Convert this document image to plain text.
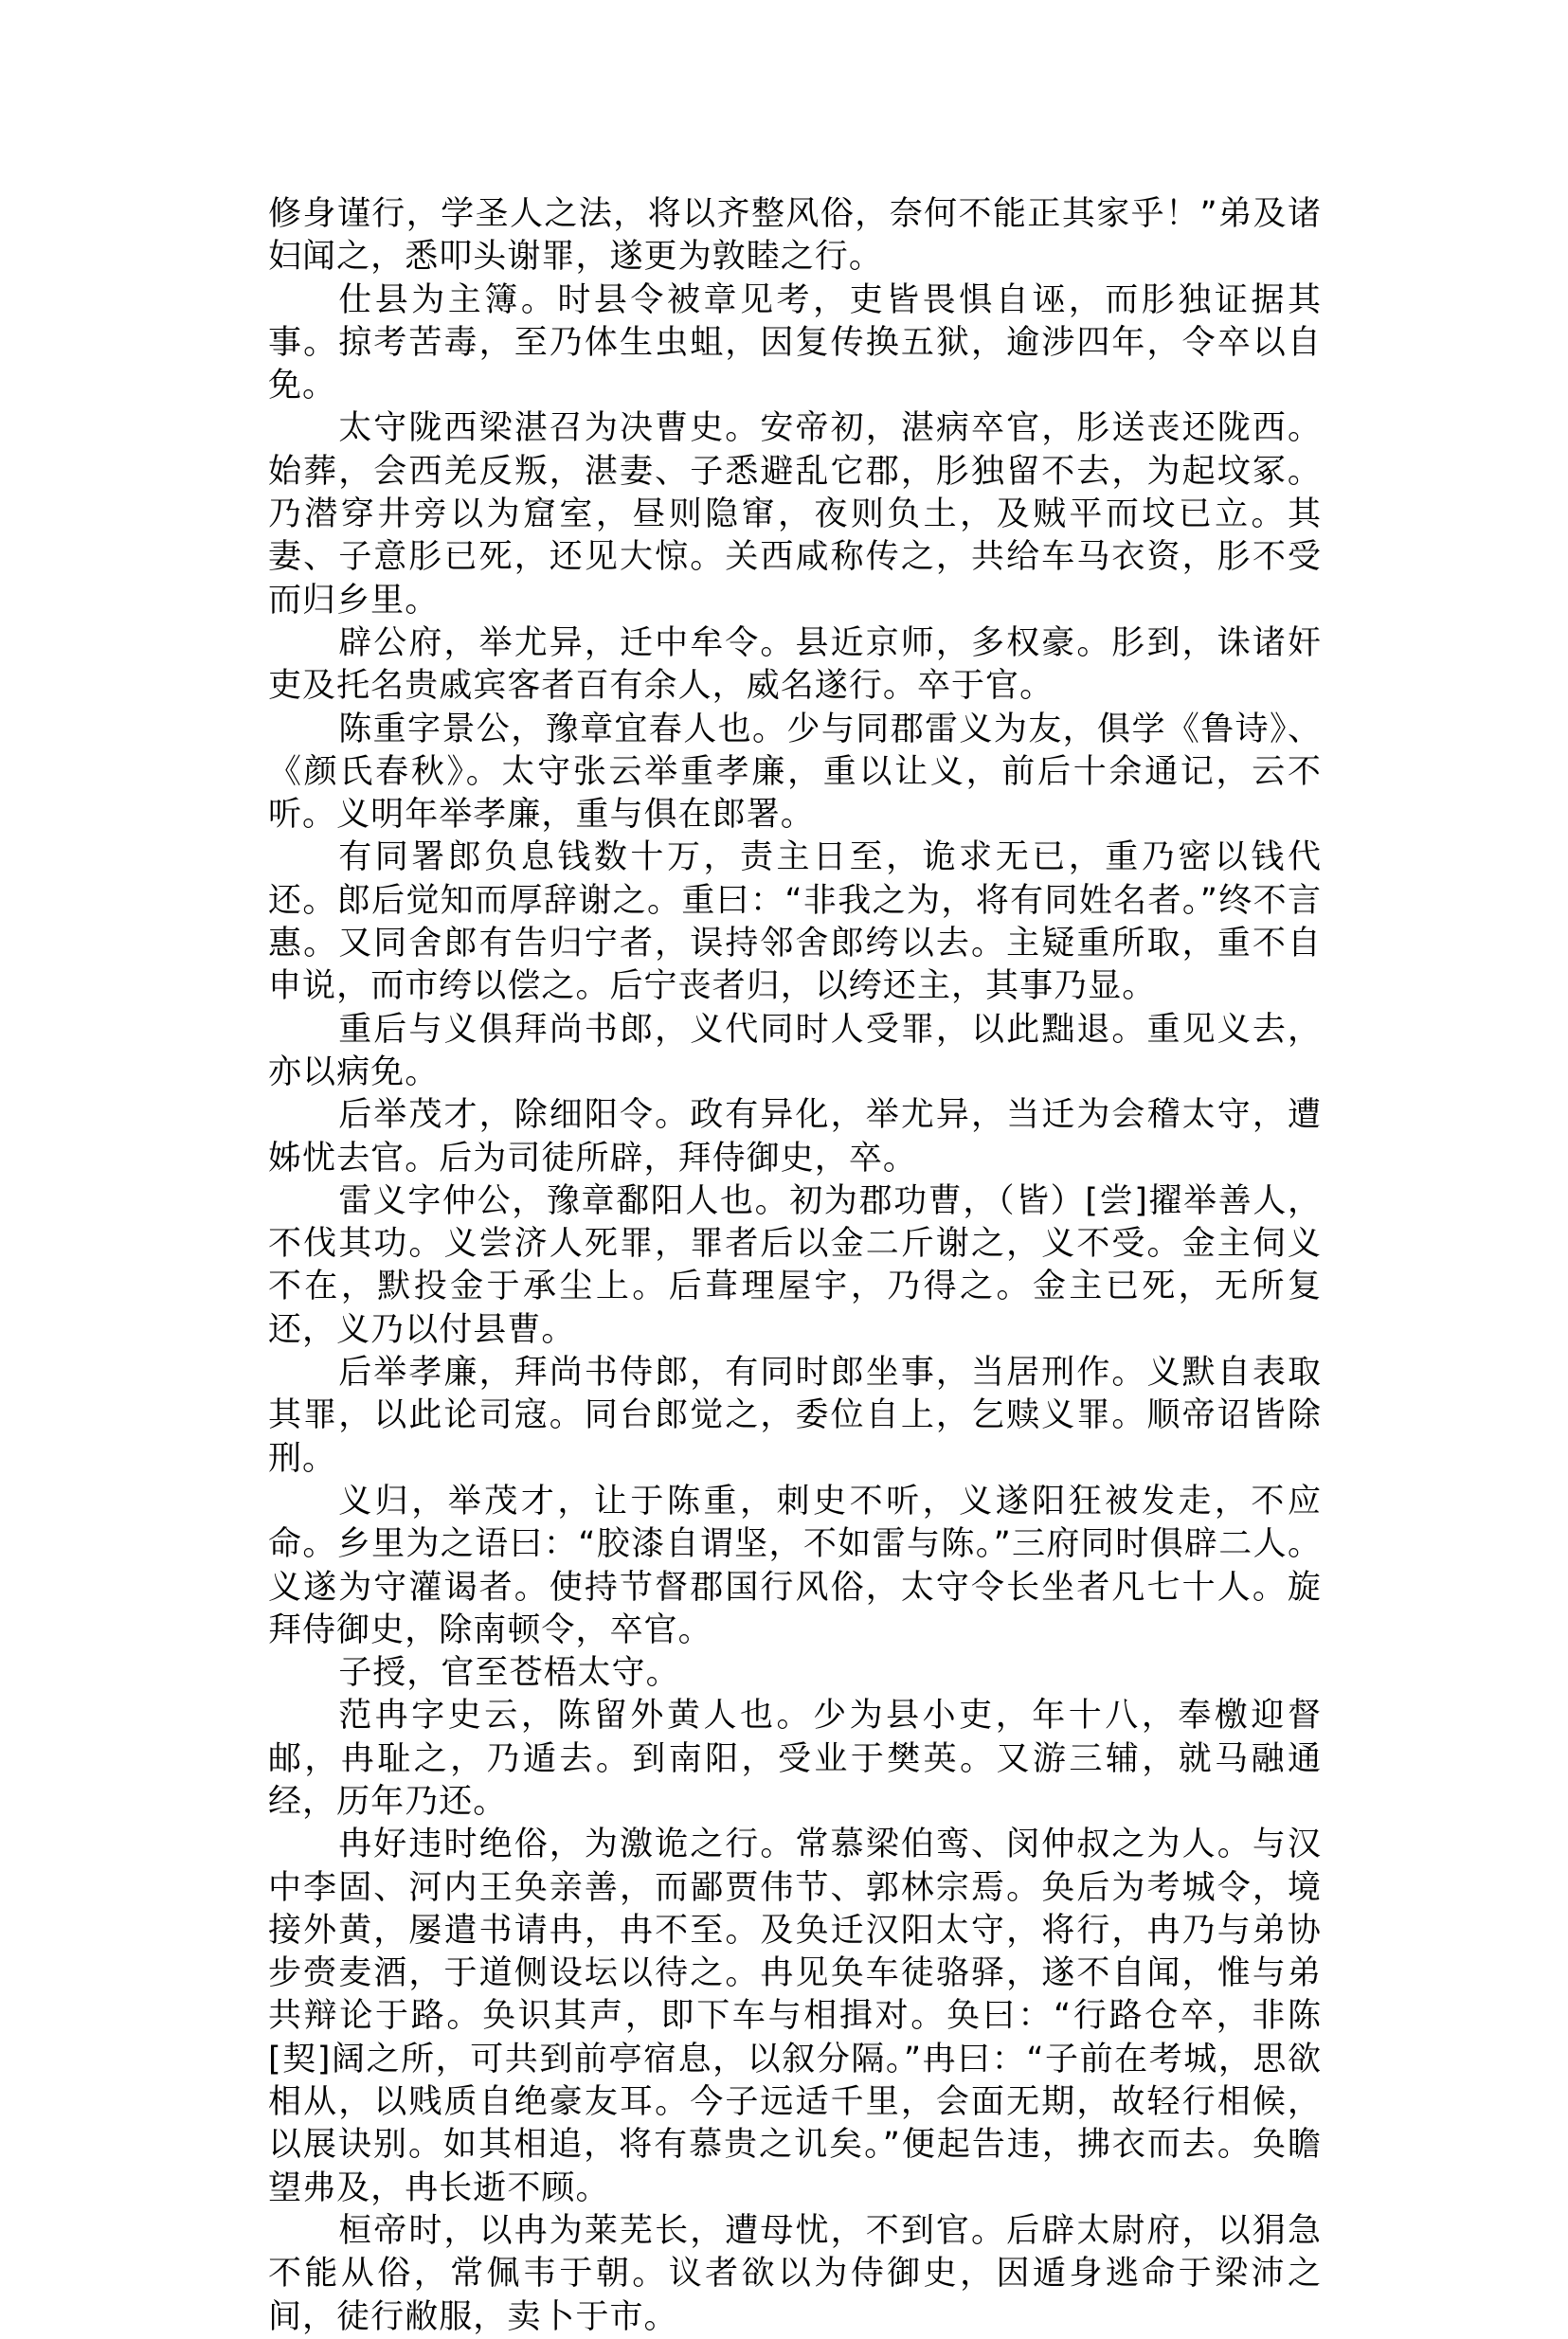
修身谨行，学圣人之法，将以齐整风俗，奈何不能正其家乎！”弟及诸妇闻之，悉叩头谢罪，遂更为敦睦之行。

仕县为主簿。时县令被章见考，吏皆畏惧自诬，而肜独证据其事。掠考苦毒，至乃体生虫蛆，因复传换五狱，逾涉四年，令卒以自免。

太守陇西梁湛召为决曹史。安帝初，湛病卒官，肜送丧还陇西。始葬，会西羌反叛，湛妻、子悉避乱它郡，肜独留不去，为起坟冢。乃潜穿井旁以为窟室，昼则隐窜，夜则负土，及贼平而坟已立。其妻、子意肜已死，还见大惊。关西咸称传之，共给车马衣资，肜不受而归乡里。

辟公府，举尤异，迁中牟令。县近京师，多权豪。肜到，诛诸奸吏及托名贵戚宾客者百有余人，威名遂行。卒于官。

陈重字景公，豫章宜春人也。少与同郡雷义为友，俱学《鲁诗》、《颜氏春秋》。太守张云举重孝廉，重以让义，前后十余通记，云不听。义明年举孝廉，重与俱在郎署。

有同署郎负息钱数十万，责主日至，诡求无已，重乃密以钱代还。郎后觉知而厚辞谢之。重曰：“非我之为，将有同姓名者。”终不言惠。又同舍郎有告归宁者，误持邻舍郎绔以去。主疑重所取，重不自申说，而市绔以偿之。后宁丧者归，以绔还主，其事乃显。

重后与义俱拜尚书郎，义代同时人受罪，以此黜退。重见义去，亦以病免。

后举茂才，除细阳令。政有异化，举尤异，当迁为会稽太守，遭姊忧去官。后为司徒所辟，拜侍御史，卒。

雷义字仲公，豫章鄱阳人也。初为郡功曹，（皆）[尝]擢举善人，不伐其功。义尝济人死罪，罪者后以金二斤谢之，义不受。金主伺义不在，默投金于承尘上。后葺理屋宇，乃得之。金主已死，无所复还，义乃以付县曹。

后举孝廉，拜尚书侍郎，有同时郎坐事，当居刑作。义默自表取其罪，以此论司寇。同台郎觉之，委位自上，乞赎义罪。顺帝诏皆除刑。

义归，举茂才，让于陈重，刺史不听，义遂阳狂被发走，不应命。乡里为之语曰：“胶漆自谓坚，不如雷与陈。”三府同时俱辟二人。义遂为守灌谒者。使持节督郡国行风俗，太守令长坐者凡七十人。旋拜侍御史，除南顿令，卒官。

子授，官至苍梧太守。

范冉字史云，陈留外黄人也。少为县小吏，年十八，奉檄迎督邮，冉耻之，乃遁去。到南阳，受业于樊英。又游三辅，就马融通经，历年乃还。

冉好违时绝俗，为激诡之行。常慕梁伯鸾、闵仲叔之为人。与汉中李固、河内王奂亲善，而鄙贾伟节、郭林宗焉。奂后为考城令，境接外黄，屡遣书请冉，冉不至。及奂迁汉阳太守，将行，冉乃与弟协步赍麦酒，于道侧设坛以待之。冉见奂车徒骆驿，遂不自闻，惟与弟共辩论于路。奂识其声，即下车与相揖对。奂曰：“行路仓卒，非陈[契]阔之所，可共到前亭宿息，以叙分隔。”冉曰：“子前在考城，思欲相从，以贱质自绝豪友耳。今子远适千里，会面无期，故轻行相候，以展诀别。如其相追，将有慕贵之讥矣。”便起告违，拂衣而去。奂瞻望弗及，冉长逝不顾。

桓帝时，以冉为莱芜长，遭母忧，不到官。后辟太尉府，以狷急不能从俗，常佩韦于朝。议者欲以为侍御史，因遁身逃命于梁沛之间，徒行敝服，卖卜于市。
